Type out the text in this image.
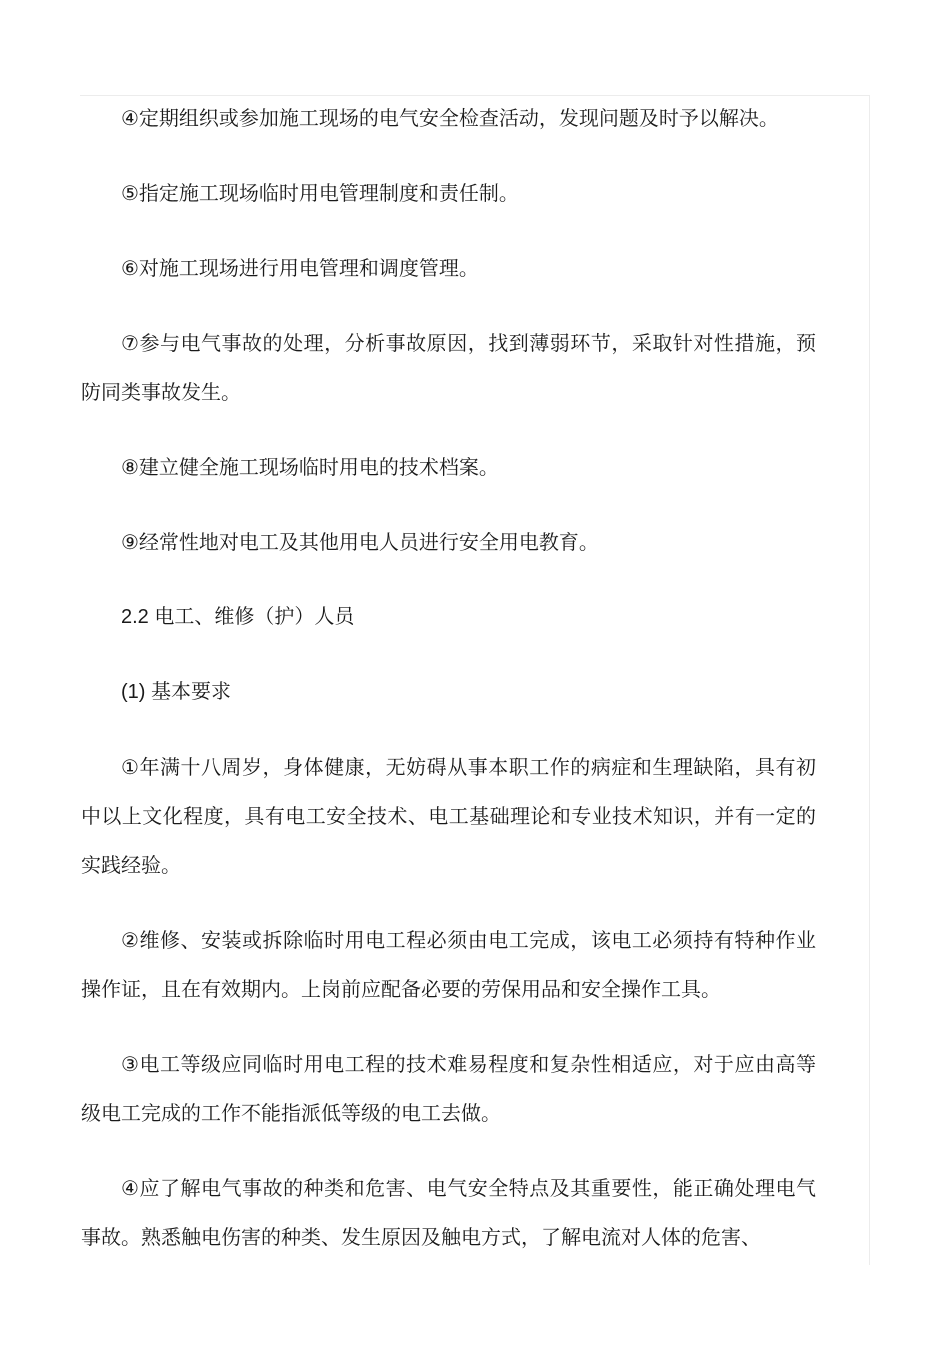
④定期组织或参加施工现场的电气安全检查活动，发现问题及时予以解决。

⑤指定施工现场临时用电管理制度和责任制。

⑥对施工现场进行用电管理和调度管理。

⑦参与电气事故的处理，分析事故原因，找到薄弱环节，采取针对性措施，预防同类事故发生。

⑧建立健全施工现场临时用电的技术档案。

⑨经常性地对电工及其他用电人员进行安全用电教育。

2.2 电工、维修（护）人员

(1) 基本要求

①年满十八周岁，身体健康，无妨碍从事本职工作的病症和生理缺陷，具有初中以上文化程度，具有电工安全技术、电工基础理论和专业技术知识，并有一定的实践经验。

②维修、安装或拆除临时用电工程必须由电工完成，该电工必须持有特种作业操作证，且在有效期内。上岗前应配备必要的劳保用品和安全操作工具。

③电工等级应同临时用电工程的技术难易程度和复杂性相适应，对于应由高等级电工完成的工作不能指派低等级的电工去做。

④应了解电气事故的种类和危害、电气安全特点及其重要性，能正确处理电气事故。熟悉触电伤害的种类、发生原因及触电方式，了解电流对人体的危害、
